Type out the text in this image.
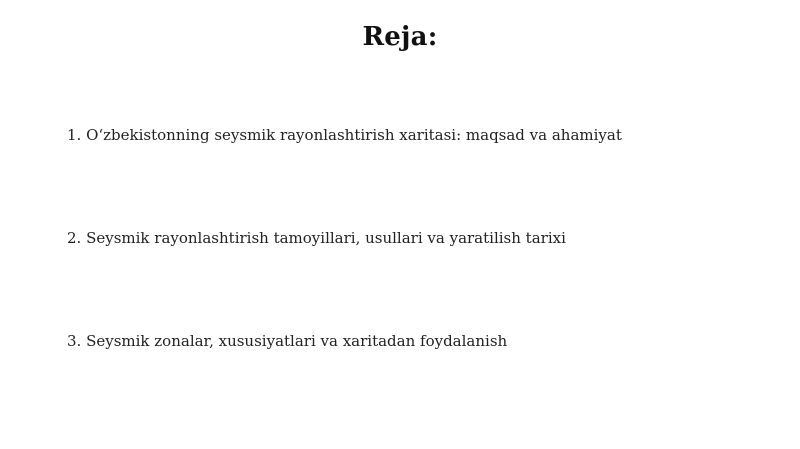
Reja:

1. O‘zbekistonning seysmik rayonlashtirish xaritasi: maqsad va ahamiyat

2. Seysmik rayonlashtirish tamoyillari, usullari va yaratilish tarixi

3. Seysmik zonalar, xususiyatlari va xaritadan foydalanish
